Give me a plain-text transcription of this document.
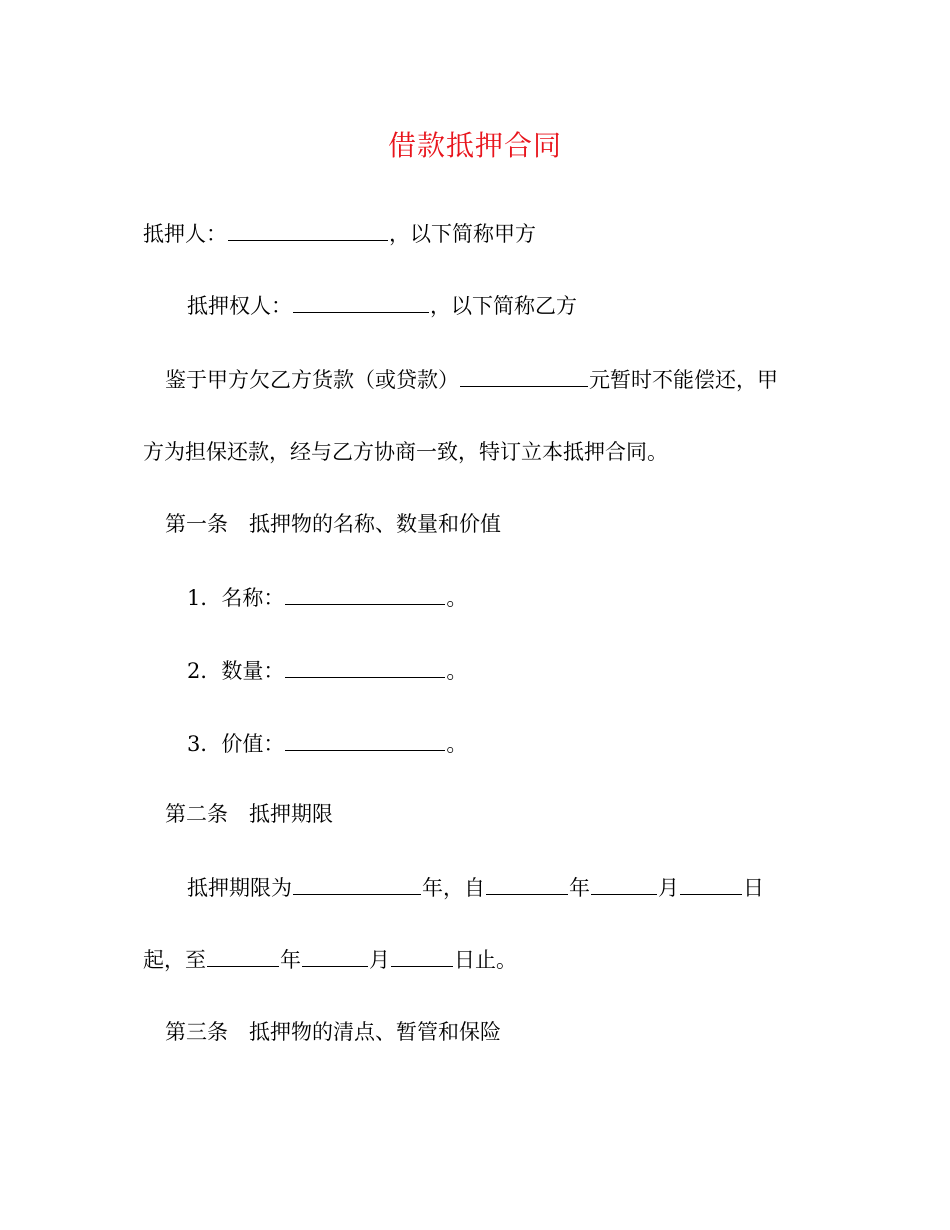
借款抵押合同
抵押人：	，以下简称甲方
抵押权人：	，以下简称乙方
鉴于甲方欠乙方货款（或贷款）	元暂时不能偿还，甲
方为担保还款，经与乙方协商一致，特订立本抵押合同。
第一条　抵押物的名称、数量和价值
1．名称：	。
2．数量：	。
3．价值：	。
第二条　抵押期限
抵押期限为	年，自	年	月	日
起，至	年	月	日止。
第三条　抵押物的清点、暂管和保险
